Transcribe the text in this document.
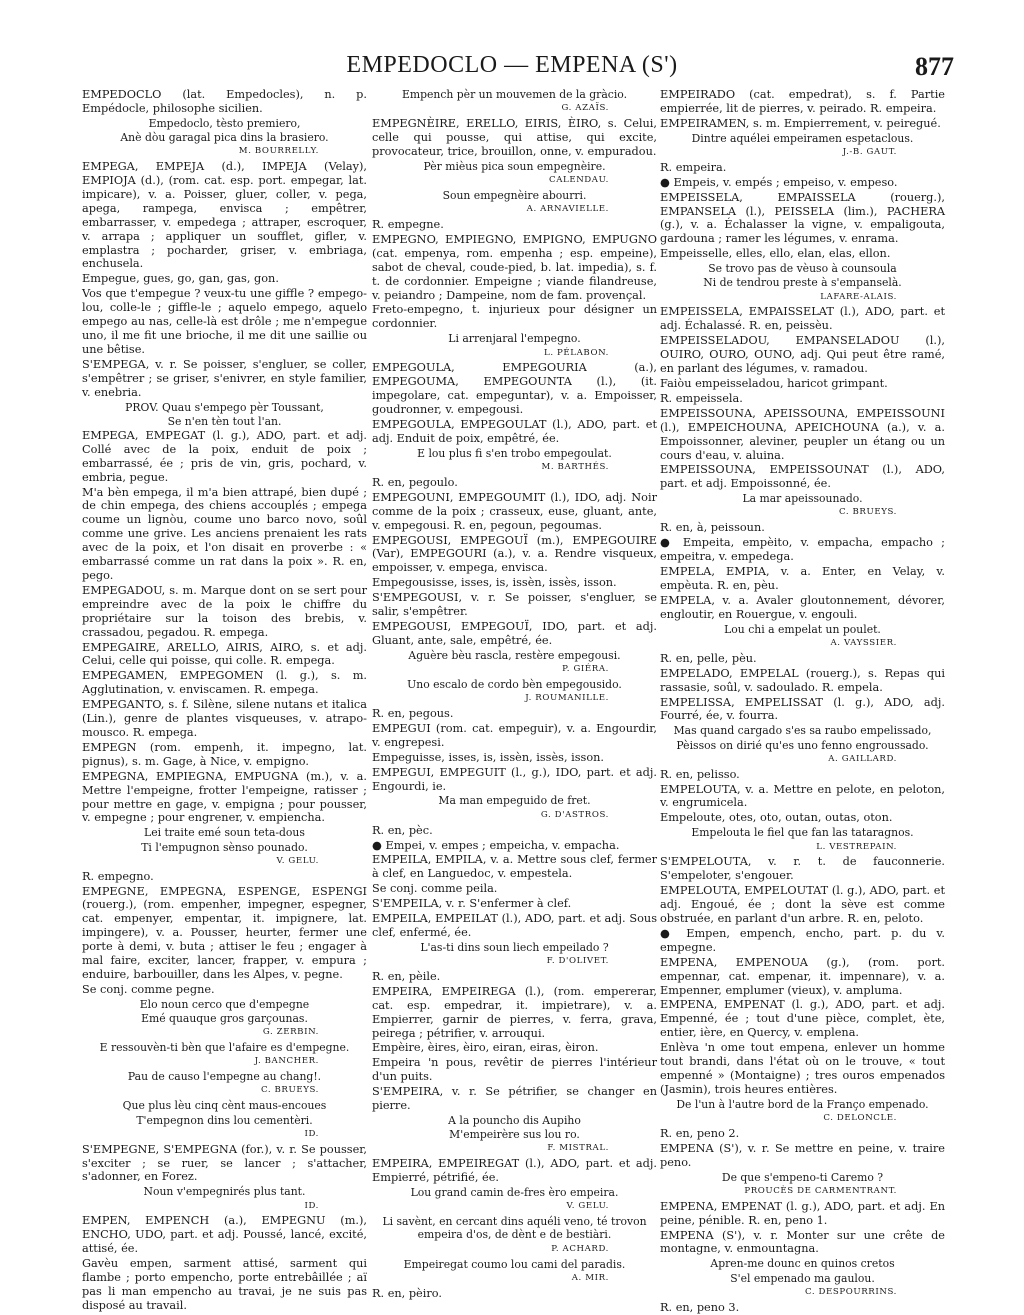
EMPEDOCLO — EMPENA (S')	877

EMPEDOCLO (lat. Empedocles), n. p. Empédocle, philosophe sicilien.

Empedoclo, tèsto premiero,

Anè dòu garagal pica dins la brasiero.

M. BOURRELLY.

EMPEGA, EMPEJA (d.), IMPEJA (Velay), EMPIOJA (d.), (rom. cat. esp. port. empegar, lat. impicare), v. a. Poisser, gluer, coller, v. pega, apega, rampega, envisca ; empêtrer, embarrasser, v. empedega ; attraper, escroquer, v. arrapa ; appliquer un soufflet, gifler, v. emplastra ; pocharder, griser, v. embriaga, enchusela.

Empegue, gues, go, gan, gas, gon.

Vos que t'empegue ? veux-tu une giffle ? empego-lou, colle-le ; giffle-le ; aquelo empego, aquelo empego au nas, celle-là est drôle ; me n'empegue uno, il me fit une brioche, il me dit une saillie ou une bêtise.

S'EMPEGA, v. r. Se poisser, s'engluer, se coller, s'empêtrer ; se griser, s'enivrer, en style familier, v. enebria.

PROV. Quau s'empego pèr Toussant,

Se n'en tèn tout l'an.

EMPEGA, EMPEGAT (l. g.), ADO, part. et adj. Collé avec de la poix, enduit de poix ; embarrassé, ée ; pris de vin, gris, pochard, v. embria, pegue.

M'a bèn empega, il m'a bien attrapé, bien dupé ; de chin empega, des chiens accouplés ; empega coume un lignòu, coume uno barco novo, soûl comme une grive. Les anciens prenaient les rats avec de la poix, et l'on disait en proverbe : « embarrassé comme un rat dans la poix ». R. en, pego.

EMPEGADOU, s. m. Marque dont on se sert pour empreindre avec de la poix le chiffre du propriétaire sur la toison des brebis, v. crassadou, pegadou. R. empega.

EMPEGAIRE, ARELLO, AIRIS, AIRO, s. et adj. Celui, celle qui poisse, qui colle. R. empega.

EMPEGAMEN, EMPEGOMEN (l. g.), s. m. Agglutination, v. enviscamen. R. empega.

EMPEGANTO, s. f. Silène, silene nutans et italica (Lin.), genre de plantes visqueuses, v. atrapo-mousco. R. empega.

EMPEGN (rom. empenh, it. impegno, lat. pignus), s. m. Gage, à Nice, v. empigno.

EMPEGNA, EMPIEGNA, EMPUGNA (m.), v. a. Mettre l'empeigne, frotter l'empeigne, ratisser ; pour mettre en gage, v. empigna ; pour pousser, v. empegne ; pour engrener, v. empiencha.

Lei traite emé soun teta-dous

Ti l'empugnon sènso pounado.

V. GELU.

R. empegno.

EMPEGNE, EMPEGNA, ESPENGE, ESPENGI (rouerg.), (rom. empenher, impegner, espegner, cat. empenyer, empentar, it. impignere, lat. impingere), v. a. Pousser, heurter, fermer une porte à demi, v. buta ; attiser le feu ; engager à mal faire, exciter, lancer, frapper, v. empura ; enduire, barbouiller, dans les Alpes, v. pegne.

Se conj. comme pegne.

Elo noun cerco que d'empegne

Emé quauque gros garçounas.

G. ZERBIN.

E ressouvèn-ti bèn que l'afaire es d'empegne.

J. BANCHER.

Pau de causo l'empegne au chang!.

C. BRUEYS.

Que plus lèu cinq cènt maus-encoues

T'empegnon dins lou cementèri.

ID.

S'EMPEGNE, S'EMPEGNA (for.), v. r. Se pousser, s'exciter ; se ruer, se lancer ; s'attacher, s'adonner, en Forez.

Noun v'empegnirés plus tant.

ID.

EMPEN, EMPENCH (a.), EMPEGNU (m.), ENCHO, UDO, part. et adj. Poussé, lancé, excité, attisé, ée.

Gavèu empen, sarment attisé, sarment qui flambe ; porto empencho, porte entrebâillée ; aï pas li man empencho au travai, je ne suis pas disposé au travail.

Empench pèr un mouvemen de la gràcio.

G. AZAÏS.

EMPEGNÈIRE, ERELLO, EIRIS, ÈIRO, s. Celui, celle qui pousse, qui attise, qui excite, provocateur, trice, brouillon, onne, v. empuradou.

Pèr mièus pica soun empegnèire.

CALENDAU.

Soun empegnèire abourri.

A. ARNAVIELLE.

R. empegne.

EMPEGNO, EMPIEGNO, EMPIGNO, EMPUGNO (cat. empenya, rom. empenha ; esp. empeine), sabot de cheval, coude-pied, b. lat. impedia), s. f. t. de cordonnier. Empeigne ; viande filandreuse, v. peiandro ; Dampeine, nom de fam. provençal.

Freto-empegno, t. injurieux pour désigner un cordonnier.

Li arrenjaral l'empegno.

L. PÉLABON.

EMPEGOULA, EMPEGOURIA (a.), EMPEGOUMA, EMPEGOUNTA (l.), (it. impegolare, cat. empeguntar), v. a. Empoisser, goudronner, v. empegousi.

EMPEGOULA, EMPEGOULAT (l.), ADO, part. et adj. Enduit de poix, empêtré, ée.

E lou plus fi s'en trobo empegoulat.

M. BARTHÉS.

R. en, pegoulo.

EMPEGOUNI, EMPEGOUMIT (l.), IDO, adj. Noir comme de la poix ; crasseux, euse, gluant, ante, v. empegousi. R. en, pegoun, pegoumas.

EMPEGOUSI, EMPEGOUÏ (m.), EMPEGOUIRE (Var), EMPEGOURI (a.), v. a. Rendre visqueux, empoisser, v. empega, envisca.

Empegousisse, isses, is, issèn, issès, isson.

S'EMPEGOUSI, v. r. Se poisser, s'engluer, se salir, s'empêtrer.

EMPEGOUSI, EMPEGOUÏ, IDO, part. et adj. Gluant, ante, sale, empêtré, ée.

Aguère bèu rascla, restère empegousi.

P. GIÉRA.

Uno escalo de cordo bèn empegousido.

J. ROUMANILLE.

R. en, pegous.

EMPEGUI (rom. cat. empeguir), v. a. Engourdir, v. engrepesi.

Empeguisse, isses, is, issèn, issès, isson.

EMPEGUI, EMPEGUIT (l., g.), IDO, part. et adj. Engourdi, ie.

Ma man empeguido de fret.

G. D'ASTROS.

R. en, pèc.

● Empei, v. empes ; empeicha, v. empacha.

EMPEILA, EMPILA, v. a. Mettre sous clef, fermer à clef, en Languedoc, v. empestela.

Se conj. comme peila.

S'EMPEILA, v. r. S'enfermer à clef.

EMPEILA, EMPEILAT (l.), ADO, part. et adj. Sous clef, enfermé, ée.

L'as-ti dins soun liech empeilado ?

F. D'OLIVET.

R. en, pèile.

EMPEIRA, EMPEIREGA (l.), (rom. empererar, cat. esp. empedrar, it. impietrare), v. a. Empierrer, garnir de pierres, v. ferra, grava, peirega ; pétrifier, v. arrouqui.

Empèire, èires, èiro, eiran, eiras, èiron.

Empeira 'n pous, revêtir de pierres l'intérieur d'un puits.

S'EMPEIRA, v. r. Se pétrifier, se changer en pierre.

A la pouncho dis Aupiho

M'empeirère sus lou ro.

F. MISTRAL.

EMPEIRA, EMPEIREGAT (l.), ADO, part. et adj. Empierré, pétrifié, ée.

Lou grand camin de-fres èro empeira.

V. GELU.

Li savènt, en cercant dins aquéli veno, té trovon empeira d'os, de dènt e de bestiàri.

P. ACHARD.

Empeiregat coumo lou cami del paradis.

A. MIR.

R. en, pèiro.

EMPEIRADO (cat. empedrat), s. f. Partie empierrée, lit de pierres, v. peirado. R. empeira.

EMPEIRAMEN, s. m. Empierrement, v. peiregué.

Dintre aquélei empeiramen espetaclous.

J.-B. GAUT.

R. empeira.

● Empeis, v. empés ; empeiso, v. empeso.

EMPEISSELA, EMPAISSELA (rouerg.), EMPANSELA (l.), PEISSELA (lim.), PACHERA (g.), v. a. Échalasser la vigne, v. empaligouta, gardouna ; ramer les légumes, v. enrama.

Empeisselle, elles, ello, elan, elas, ellon.

Se trovo pas de vèuso à counsoula

Ni de tendrou preste à s'empanselà.

LAFARE-ALAIS.

EMPEISSELA, EMPAISSELAT (l.), ADO, part. et adj. Échalassé. R. en, peissèu.

EMPEISSELADOU, EMPANSELADOU (l.), OUIRO, OURO, OUNO, adj. Qui peut être ramé, en parlant des légumes, v. ramadou.

Faiòu empeisseladou, haricot grimpant.

R. empeissela.

EMPEISSOUNA, APEISSOUNA, EMPEISSOUNI (l.), EMPEICHOUNA, APEICHOUNA (a.), v. a. Empoissonner, aleviner, peupler un étang ou un cours d'eau, v. aluina.

EMPEISSOUNA, EMPEISSOUNAT (l.), ADO, part. et adj. Empoissonné, ée.

La mar apeissounado.

C. BRUEYS.

R. en, à, peissoun.

● Empeita, empèito, v. empacha, empacho ; empeitra, v. empedega.

EMPELA, EMPIA, v. a. Enter, en Velay, v. empèuta. R. en, pèu.

EMPELA, v. a. Avaler gloutonnement, dévorer, engloutir, en Rouergue, v. engouli.

Lou chi a empelat un poulet.

A. VAYSSIER.

R. en, pelle, pèu.

EMPELADO, EMPELAL (rouerg.), s. Repas qui rassasie, soûl, v. sadoulado. R. empela.

EMPELISSA, EMPELISSAT (l. g.), ADO, adj. Fourré, ée, v. fourra.

Mas quand cargado s'es sa raubo empelissado,

Pèissos on dirié qu'es uno fenno engroussado.

A. GAILLARD.

R. en, pelisso.

EMPELOUTA, v. a. Mettre en pelote, en peloton, v. engrumicela.

Empeloute, otes, oto, outan, outas, oton.

Empelouta le fiel que fan las tataragnos.

L. VESTREPAIN.

S'EMPELOUTA, v. r. t. de fauconnerie. S'empeloter, s'engouer.

EMPELOUTA, EMPELOUTAT (l. g.), ADO, part. et adj. Engoué, ée ; dont la sève est comme obstruée, en parlant d'un arbre. R. en, peloto.

● Empen, empench, encho, part. p. du v. empegne.

EMPENA, EMPENOUA (g.), (rom. port. empennar, cat. empenar, it. impennare), v. a. Empenner, emplumer (vieux), v. ampluma.

EMPENA, EMPENAT (l. g.), ADO, part. et adj. Empenné, ée ; tout d'une pièce, complet, ète, entier, ière, en Quercy, v. emplena.

Enlèva 'n ome tout empena, enlever un homme tout brandi, dans l'état où on le trouve, « tout empenné » (Montaigne) ; tres ouros empenados (Jasmin), trois heures entières.

De l'un à l'autre bord de la Franço empenado.

C. DELONCLE.

R. en, peno 2.

EMPENA (S'), v. r. Se mettre en peine, v. traire peno.

De que s'empeno-ti Caremo ?

PROUCÈS DE CARMENTRANT.

EMPENA, EMPENAT (l. g.), ADO, part. et adj. En peine, pénible. R. en, peno 1.

EMPENA (S'), v. r. Monter sur une crête de montagne, v. enmountagna.

Apren-me dounc en quinos cretos

S'el empenado ma gaulou.

C. DESPOURRINS.

R. en, peno 3.
